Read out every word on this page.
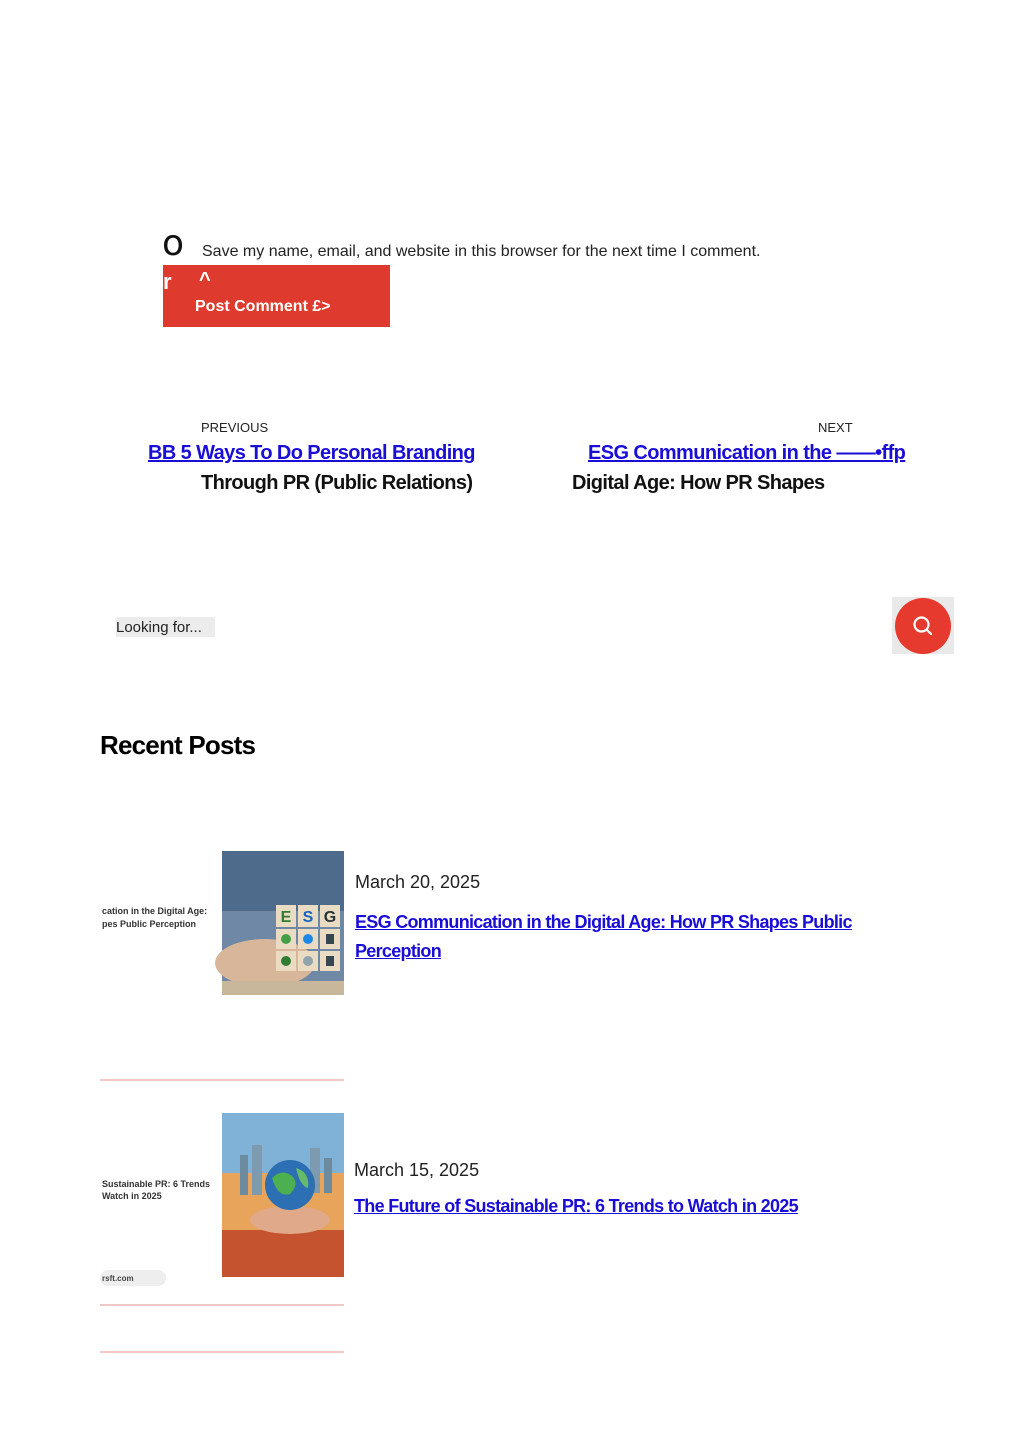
o Save my name, email, and website in this browser for the next time I comment.
r ^
Post Comment £>
PREVIOUS	NEXT
BB 5 Ways To Do Personal Branding
Through PR (Public Relations)
ESG Communication in the ——•ffp
Digital Age: How PR Shapes
Looking for...
Recent Posts
cation in the Digital Age: pes Public Perception	E S G
March 20, 2025
ESG Communication in the Digital Age: How PR Shapes Public Perception
Sustainable PR: 6 Trends Watch in 2025
rsft.com
March 15, 2025
The Future of Sustainable PR: 6 Trends to Watch in 2025
